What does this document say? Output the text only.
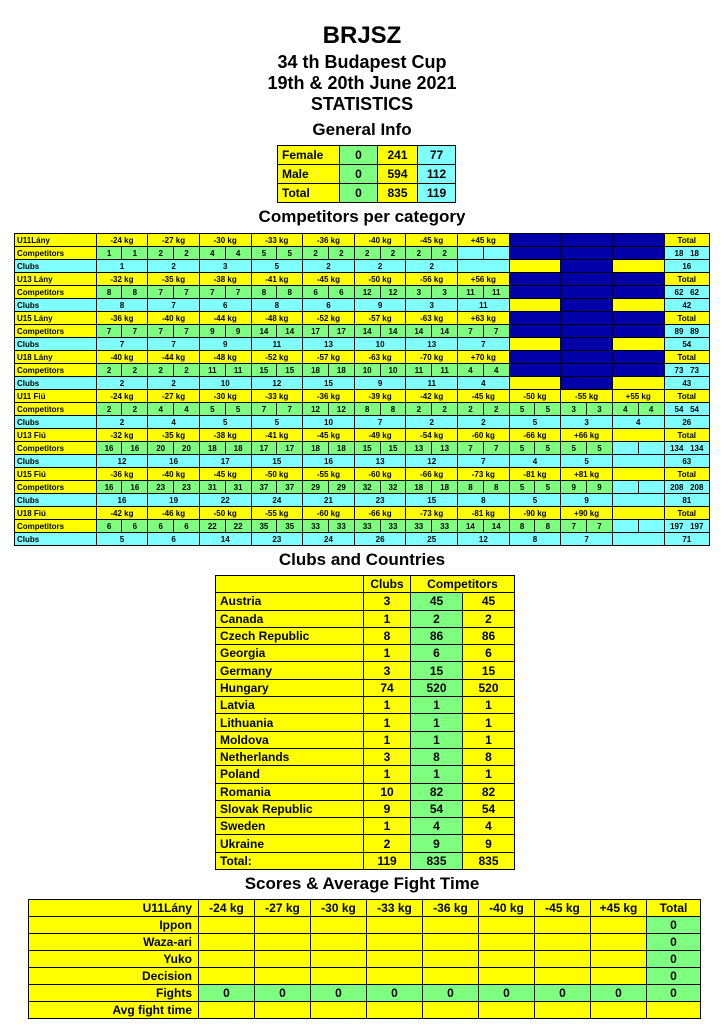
BRJSZ
34 th Budapest Cup
19th & 20th June 2021
STATISTICS
General Info
Female	0	241	77
Male	0	594	112
Total	0	835	119
Competitors per category
U11Lány	-24 kg		-27 kg		-30 kg		-33 kg		-36 kg		-40 kg		-45 kg		+45 kg								Total
Competitors	1	1	2	2	4	4	5	5	2	2	2	2	2	2									18   18
Clubs	1		2		3		5		2		2		2										16
U13 Lány	-32 kg		-35 kg		-38 kg		-41 kg		-45 kg		-50 kg		-56 kg		+56 kg								Total
Competitors	8	8	7	7	7	7	8	8	6	6	12	12	3	3	11	11							62   62
Clubs	8		7		6		8		6		9		3		11								42
U15 Lány	-36 kg		-40 kg		-44 kg		-48 kg		-52 kg		-57 kg		-63 kg		+63 kg								Total
Competitors	7	7	7	7	9	9	14	14	17	17	14	14	14	14	7	7							89   89
Clubs	7		7		9		11		13		10		13		7								54
U18 Lány	-40 kg		-44 kg		-48 kg		-52 kg		-57 kg		-63 kg		-70 kg		+70 kg								Total
Competitors	2	2	2	2	11	11	15	15	18	18	10	10	11	11	4	4							73   73
Clubs	2		2		10		12		15		9		11		4								43
U11 Fiú	-24 kg		-27 kg		-30 kg		-33 kg		-36 kg		-39 kg		-42 kg		-45 kg		-50 kg		-55 kg		+55 kg		Total
Competitors	2	2	4	4	5	5	7	7	12	12	8	8	2	2	2	2	5	5	3	3	4	4	54   54
Clubs	2		4		5		5		10		7		2		2		5		3		4		26
U13 Fiú	-32 kg		-35 kg		-38 kg		-41 kg		-45 kg		-49 kg		-54 kg		-60 kg		-66 kg		+66 kg				Total
Competitors	16	16	20	20	18	18	17	17	18	18	15	15	13	13	7	7	5	5	5	5			134   134
Clubs	12		16		17		15		16		13		12		7		4		5				63
U15 Fiú	-36 kg		-40 kg		-45 kg		-50 kg		-55 kg		-60 kg		-66 kg		-73 kg		-81 kg		+81 kg				Total
Competitors	16	16	23	23	31	31	37	37	29	29	32	32	18	18	8	8	5	5	9	9			208   208
Clubs	16		19		22		24		21		23		15		8		5		9				81
U18 Fiú	-42 kg		-46 kg		-50 kg		-55 kg		-60 kg		-66 kg		-73 kg		-81 kg		-90 kg		+90 kg				Total
Competitors	6	6	6	6	22	22	35	35	33	33	33	33	33	33	14	14	8	8	7	7			197   197
Clubs	5		6		14		23		24		26		25		12		8		7				71
Clubs and Countries
	Clubs	Competitors	
Austria	3	45	45
Canada	1	2	2
Czech Republic	8	86	86
Georgia	1	6	6
Germany	3	15	15
Hungary	74	520	520
Latvia	1	1	1
Lithuania	1	1	1
Moldova	1	1	1
Netherlands	3	8	8
Poland	1	1	1
Romania	10	82	82
Slovak Republic	9	54	54
Sweden	1	4	4
Ukraine	2	9	9
Total:	119	835	835
Scores & Average Fight Time
U11Lány	-24 kg	-27 kg	-30 kg	-33 kg	-36 kg	-40 kg	-45 kg	+45 kg	Total
Ippon									0
Waza-ari									0
Yuko									0
Decision									0
Fights	0	0	0	0	0	0	0	0	0
Avg fight time									
